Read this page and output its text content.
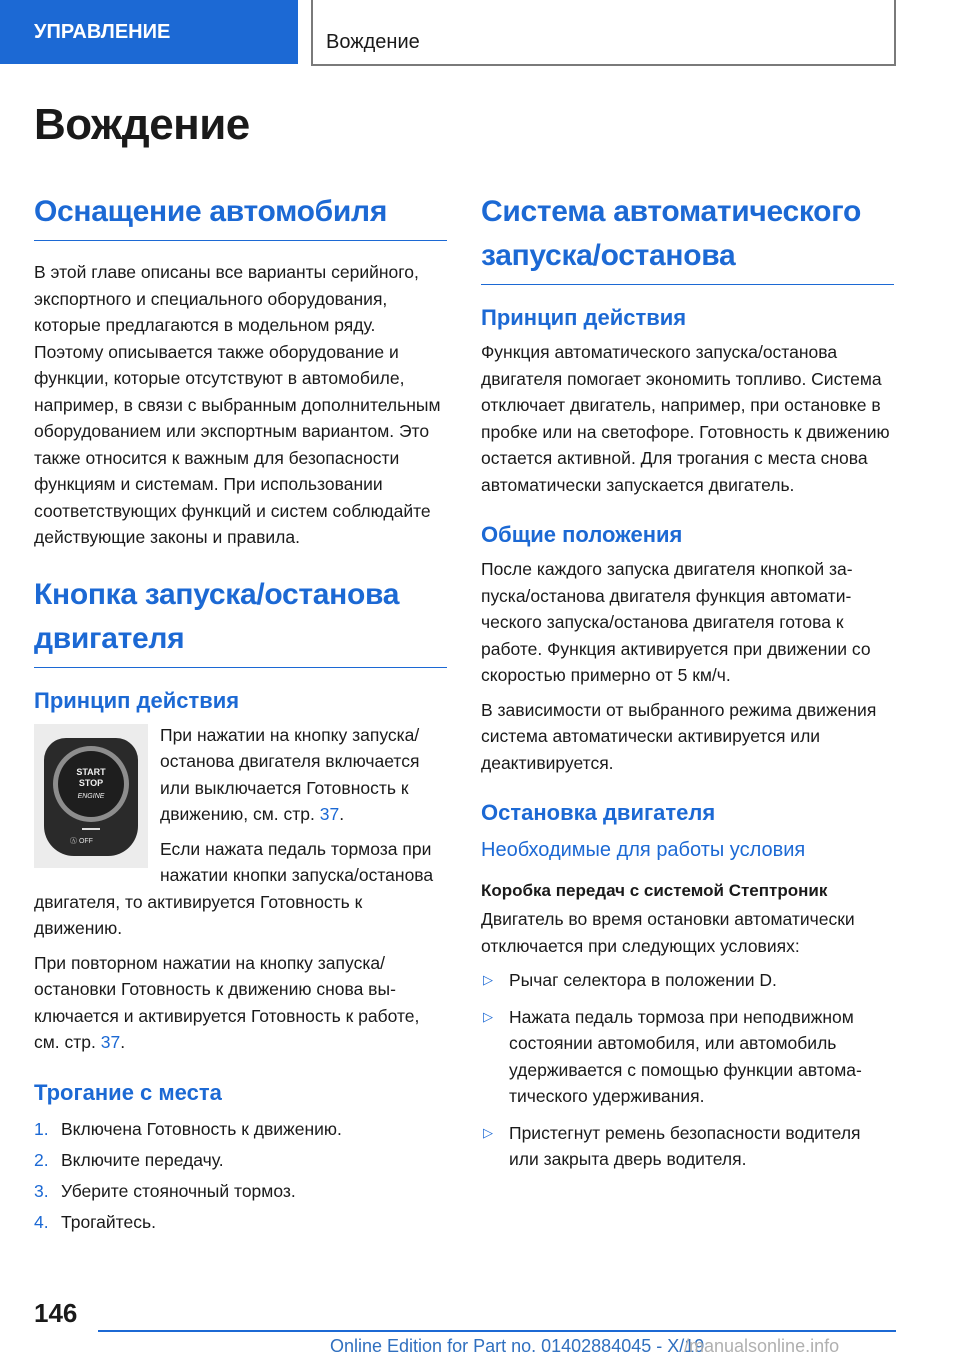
УПРАВЛЕНИЕ	Вождение
Вождение
Оснащение автомобиля

В этой главе описаны все варианты серийного, экспортного и специального оборудования, которые предлагаются в модельном ряду. Поэтому описывается также оборудование и функции, которые отсутствуют в автомобиле, например, в связи с выбранным дополнительным оборудованием или экспортным вариантом. Это также относится к важным для безопасности функциям и системам. При использовании соответствующих функций и систем соблюдайте действующие законы и правила.

Кнопка запуска/останова двигателя
Принцип действия
START
STOP
ENGINE
Ⓐ OFF

При нажатии на кнопку запуска/ останова двигателя включается или выключается Готовность к движению, см. стр. 37.

Если нажата педаль тормоза при нажатии кнопки запуска/останова двигателя, то активируется Готовность к движению.

При повторном нажатии на кнопку запуска/ остановки Готовность к движению снова выключается и активируется Готовность к работе, см. стр. 37.

Трогание с места
1. Включена Готовность к движению.
2. Включите передачу.
3. Уберите стояночный тормоз.
4. Трогайтесь.
Система автоматического запуска/останова
Принцип действия

Функция автоматического запуска/останова двигателя помогает экономить топливо. Система отключает двигатель, например, при остановке в пробке или на светофоре. Готовность к движению остается активной. Для трогания с места снова автоматически запускается двигатель.

Общие положения

После каждого запуска двигателя кнопкой запуска/останова двигателя функция автоматического запуска/останова двигателя готова к работе. Функция активируется при движении со скоростью примерно от 5 км/ч.

В зависимости от выбранного режима движения система автоматически активируется или деактивируется.

Остановка двигателя
Необходимые для работы условия
Коробка передач с системой Стептроник

Двигатель во время остановки автоматически отключается при следующих условиях:

▷ Рычаг селектора в положении D.
▷ Нажата педаль тормоза при неподвижном состоянии автомобиля, или автомобиль удерживается с помощью функции автоматического удерживания.
▷ Пристегнут ремень безопасности водителя или закрыта дверь водителя.
146
Online Edition for Part no. 01402884045 - X/19
/manualsonline.info
